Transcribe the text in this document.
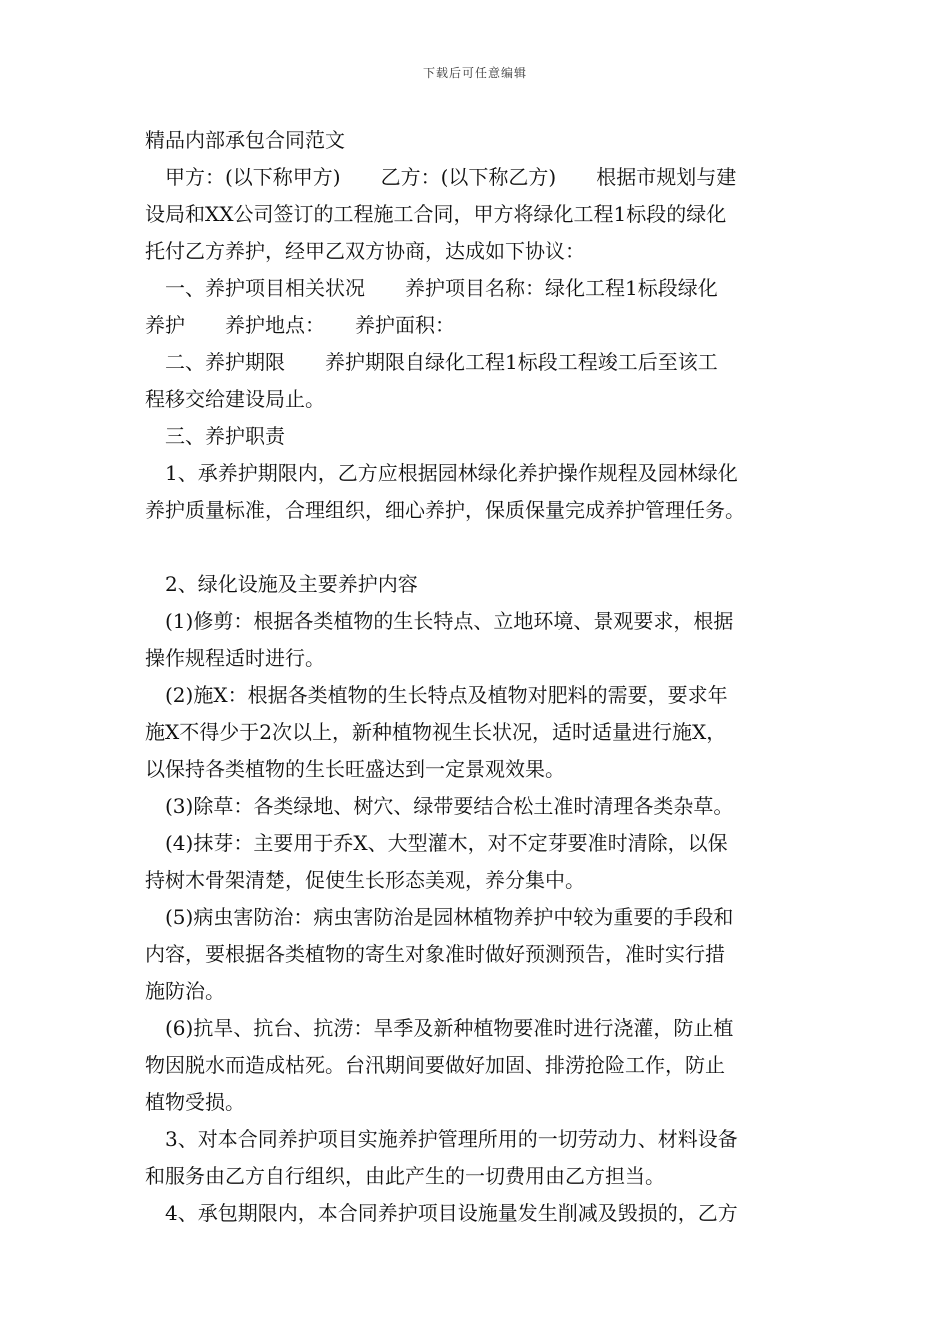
下载后可任意编辑
精品内部承包合同范文
　甲方：(以下称甲方)　　乙方：(以下称乙方)　　根据市规划与建
设局和XX公司签订的工程施工合同，甲方将绿化工程1标段的绿化
托付乙方养护，经甲乙双方协商，达成如下协议：
　一、养护项目相关状况　　养护项目名称：绿化工程1标段绿化
养护　　养护地点：　　养护面积：
　二、养护期限　　养护期限自绿化工程1标段工程竣工后至该工
程移交给建设局止。
　三、养护职责
　1、承养护期限内，乙方应根据园林绿化养护操作规程及园林绿化
养护质量标准，合理组织，细心养护，保质保量完成养护管理任务。
　2、绿化设施及主要养护内容
　(1)修剪：根据各类植物的生长特点、立地环境、景观要求，根据
操作规程适时进行。
　(2)施X：根据各类植物的生长特点及植物对肥料的需要，要求年
施X不得少于2次以上，新种植物视生长状况，适时适量进行施X，
以保持各类植物的生长旺盛达到一定景观效果。
　(3)除草：各类绿地、树穴、绿带要结合松土准时清理各类杂草。
　(4)抹芽：主要用于乔X、大型灌木，对不定芽要准时清除，以保
持树木骨架清楚，促使生长形态美观，养分集中。
　(5)病虫害防治：病虫害防治是园林植物养护中较为重要的手段和
内容，要根据各类植物的寄生对象准时做好预测预告，准时实行措
施防治。
　(6)抗旱、抗台、抗涝：旱季及新种植物要准时进行浇灌，防止植
物因脱水而造成枯死。台汛期间要做好加固、排涝抢险工作，防止
植物受损。
　3、对本合同养护项目实施养护管理所用的一切劳动力、材料设备
和服务由乙方自行组织，由此产生的一切费用由乙方担当。
　4、承包期限内，本合同养护项目设施量发生削减及毁损的，乙方
